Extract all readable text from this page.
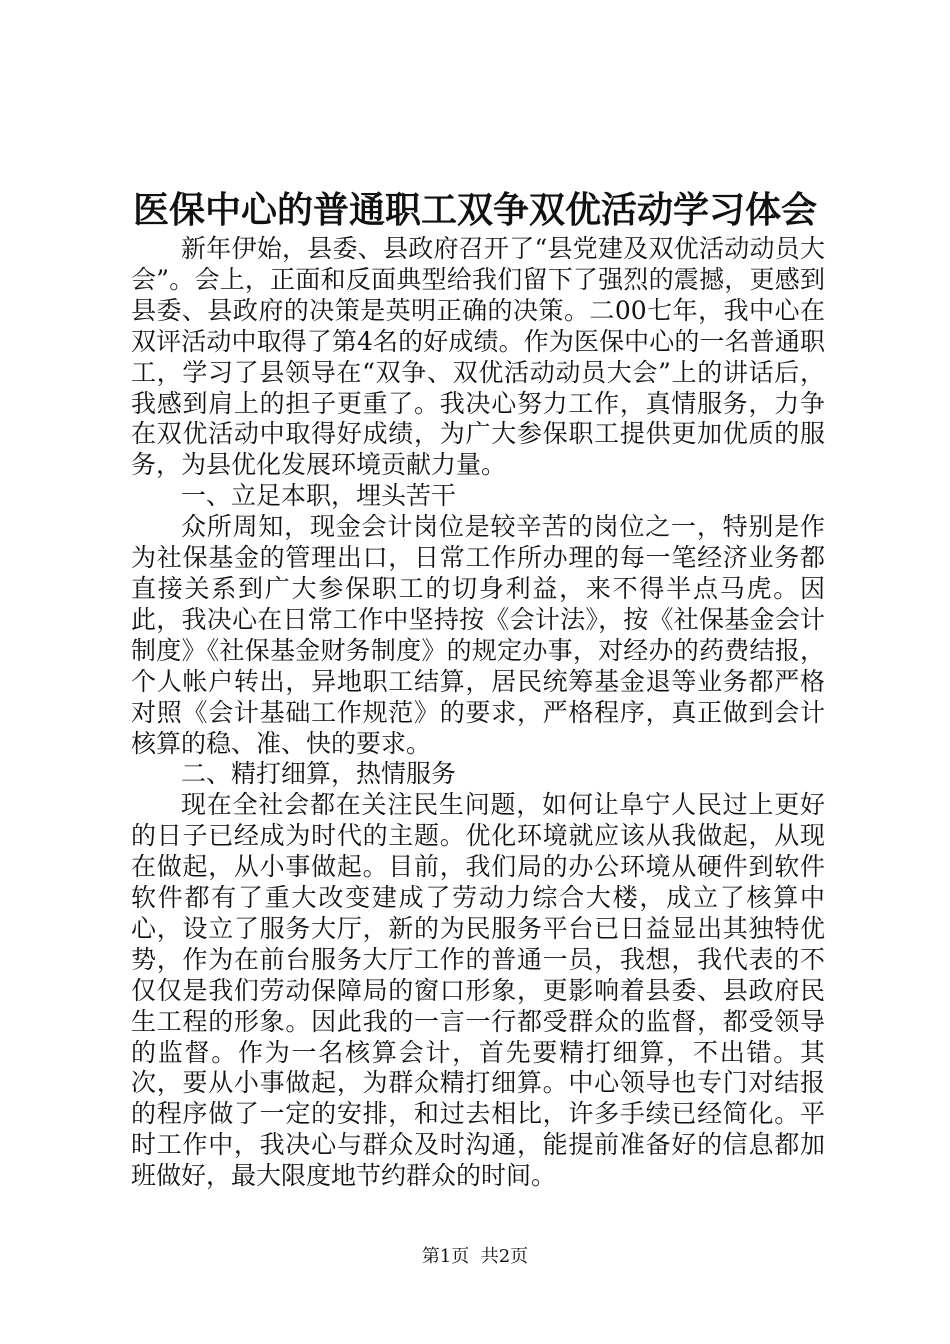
医保中心的普通职工双争双优活动学习体会

新年伊始，县委、县政府召开了“县党建及双优活动动员大会”。会上，正面和反面典型给我们留下了强烈的震撼，更感到县委、县政府的决策是英明正确的决策。二00七年，我中心在双评活动中取得了第4名的好成绩。作为医保中心的一名普通职工，学习了县领导在“双争、双优活动动员大会”上的讲话后，我感到肩上的担子更重了。我决心努力工作，真情服务，力争在双优活动中取得好成绩，为广大参保职工提供更加优质的服务，为县优化发展环境贡献力量。

一、立足本职，埋头苦干

众所周知，现金会计岗位是较辛苦的岗位之一，特别是作为社保基金的管理出口，日常工作所办理的每一笔经济业务都直接关系到广大参保职工的切身利益，来不得半点马虎。因此，我决心在日常工作中坚持按《会计法》，按《社保基金会计制度》《社保基金财务制度》的规定办事，对经办的药费结报，个人帐户转出，异地职工结算，居民统筹基金退等业务都严格对照《会计基础工作规范》的要求，严格程序，真正做到会计核算的稳、准、快的要求。

二、精打细算，热情服务

现在全社会都在关注民生问题，如何让阜宁人民过上更好的日子已经成为时代的主题。优化环境就应该从我做起，从现在做起，从小事做起。目前，我们局的办公环境从硬件到软件软件都有了重大改变建成了劳动力综合大楼，成立了核算中心，设立了服务大厅，新的为民服务平台已日益显出其独特优势，作为在前台服务大厅工作的普通一员，我想，我代表的不仅仅是我们劳动保障局的窗口形象，更影响着县委、县政府民生工程的形象。因此我的一言一行都受群众的监督，都受领导的监督。作为一名核算会计，首先要精打细算，不出错。其次，要从小事做起，为群众精打细算。中心领导也专门对结报的程序做了一定的安排，和过去相比，许多手续已经简化。平时工作中，我决心与群众及时沟通，能提前准备好的信息都加班做好，最大限度地节约群众的时间。

第1页  共2页
